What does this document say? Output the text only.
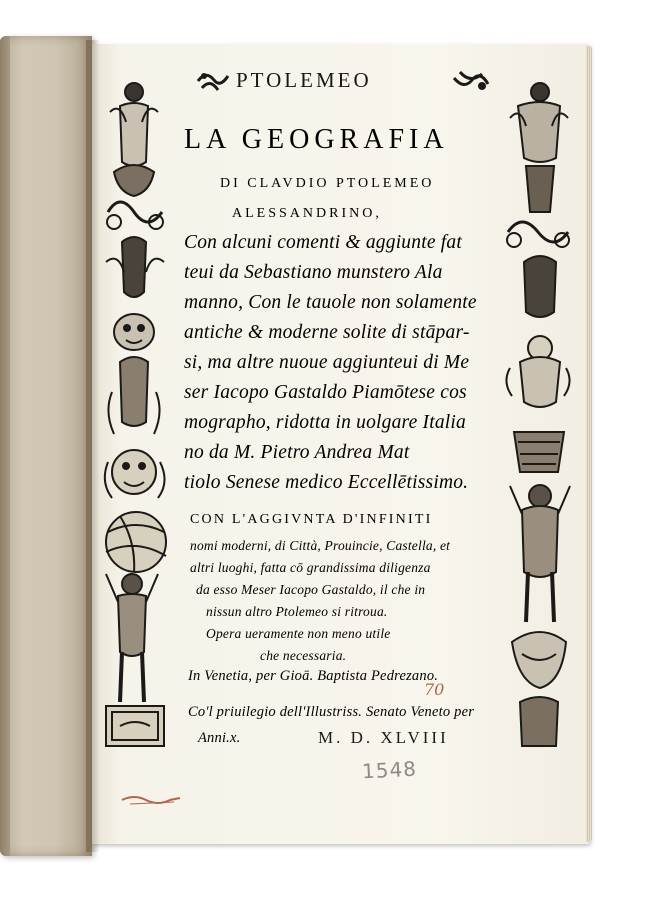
PTOLEMEO
LA GEOGRAFIA
DI CLAVDIO PTOLEMEO
ALESSANDRINO,
Con alcuni comenti & aggiunte fat
teui da Sebastiano munstero Ala
manno, Con le tauole non solamente
antiche & moderne solite di stāpar-
si, ma altre nuoue aggiunteui di Me
ser Iacopo Gastaldo Piamōtese cos
mographo, ridotta in uolgare Italia
no da M. Pietro Andrea Mat
tiolo Senese medico Eccellētissimo.
CON L'AGGIVNTA D'INFINITI
nomi moderni, di Città, Prouincie, Castella, et
altri luoghi, fatta cō grandissima diligenza
da esso Meser Iacopo Gastaldo, il che in
nissun altro Ptolemeo si ritroua.
Opera ueramente non meno utile
che necessaria.
In Venetia, per Gioā. Baptista Pedrezano.
70
Co'l priuilegio dell'Illustriss. Senato Veneto per
Anni.x.	M. D. XLVIII
1548
